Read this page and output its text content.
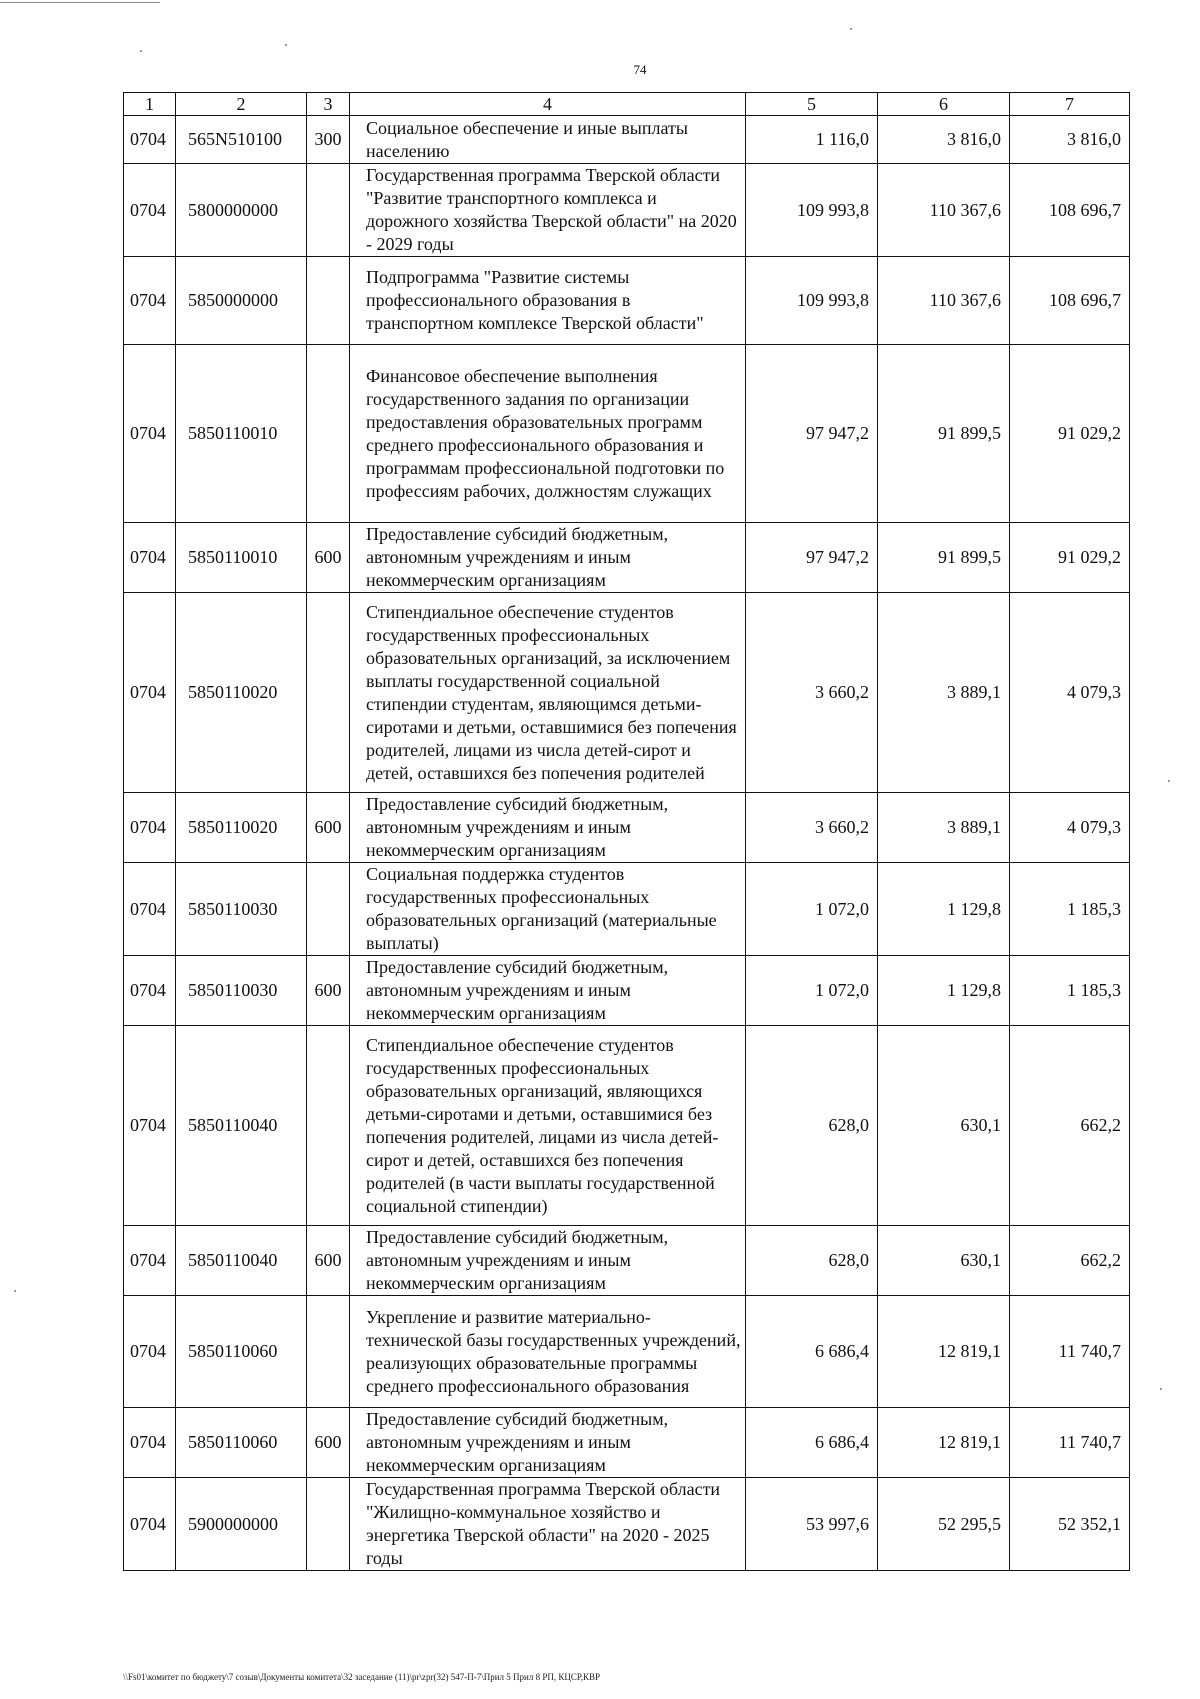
74
1	2	3	4	5	6	7
0704	565N510100	300	Социальное обеспечение и иные выплаты населению	1 116,0	3 816,0	3 816,0
0704	5800000000		Государственная программа Тверской области "Развитие транспортного комплекса и дорожного хозяйства Тверской области" на 2020 - 2029 годы	109 993,8	110 367,6	108 696,7
0704	5850000000		Подпрограмма "Развитие системы профессионального образования в транспортном комплексе Тверской области"	109 993,8	110 367,6	108 696,7
0704	5850110010		Финансовое обеспечение выполнения государственного задания по организации предоставления образовательных программ среднего профессионального образования и программам профессиональной подготовки по профессиям рабочих, должностям служащих	97 947,2	91 899,5	91 029,2
0704	5850110010	600	Предоставление субсидий бюджетным, автономным учреждениям и иным некоммерческим организациям	97 947,2	91 899,5	91 029,2
0704	5850110020		Стипендиальное обеспечение студентов государственных профессиональных образовательных организаций, за исключением выплаты государственной социальной стипендии студентам, являющимся детьми-сиротами и детьми, оставшимися без попечения родителей, лицами из числа детей-сирот и детей, оставшихся без попечения родителей	3 660,2	3 889,1	4 079,3
0704	5850110020	600	Предоставление субсидий бюджетным, автономным учреждениям и иным некоммерческим организациям	3 660,2	3 889,1	4 079,3
0704	5850110030		Социальная поддержка студентов государственных профессиональных образовательных организаций (материальные выплаты)	1 072,0	1 129,8	1 185,3
0704	5850110030	600	Предоставление субсидий бюджетным, автономным учреждениям и иным некоммерческим организациям	1 072,0	1 129,8	1 185,3
0704	5850110040		Стипендиальное обеспечение студентов государственных профессиональных образовательных организаций, являющихся детьми-сиротами и детьми, оставшимися без попечения родителей, лицами из числа детей-сирот и детей, оставшихся без попечения родителей (в части выплаты государственной социальной стипендии)	628,0	630,1	662,2
0704	5850110040	600	Предоставление субсидий бюджетным, автономным учреждениям и иным некоммерческим организациям	628,0	630,1	662,2
0704	5850110060		Укрепление и развитие материально-технической базы государственных учреждений, реализующих образовательные программы среднего профессионального образования	6 686,4	12 819,1	11 740,7
0704	5850110060	600	Предоставление субсидий бюджетным, автономным учреждениям и иным некоммерческим организациям	6 686,4	12 819,1	11 740,7
0704	5900000000		Государственная программа Тверской области "Жилищно-коммунальное хозяйство и энергетика Тверской области" на 2020 - 2025 годы	53 997,6	52 295,5	52 352,1
\\Fs01\комитет по бюджету\7 созыв\Документы комитета\32 заседание (11)\pr\zpr(32) 547-П-7\Прил 5 Прил 8 РП, КЦСР,КВР
